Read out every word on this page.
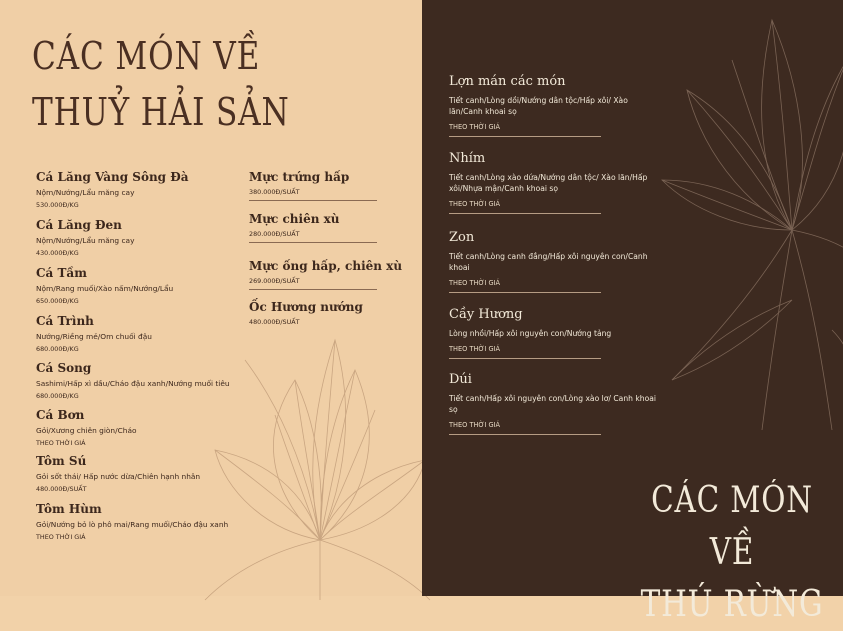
CÁC MÓN VỀ
THUỶ HẢI SẢN
Cá Lăng Vàng Sông Đà
Nộm/Nướng/Lẩu măng cay
530.000Đ/KG
Cá Lăng Đen
Nộm/Nướng/Lẩu măng cay
430.000Đ/KG
Cá Tầm
Nộm/Rang muối/Xào nấm/Nướng/Lẩu
650.000Đ/KG
Cá Trình
Nướng/Riềng mẻ/Om chuối đậu
680.000Đ/KG
Cá Song
Sashimi/Hấp xì dầu/Cháo đậu xanh/Nướng muối tiêu
680.000Đ/KG
Cá Bơn
Gỏi/Xương chiên giòn/Cháo
THEO THỜI GIÁ
Tôm Sú
Gỏi sốt thái/ Hấp nước dừa/Chiên hạnh nhân
480.000Đ/SUẤT
Tôm Hùm
Gỏi/Nướng bỏ lò phô mai/Rang muối/Cháo đậu xanh
THEO THỜI GIÁ
Mực trứng hấp
380.000Đ/SUẤT
Mực chiên xù
280.000Đ/SUẤT
Mực ống hấp, chiên xù
269.000Đ/SUẤT
Ốc Hương nướng
480.000Đ/SUẤT
CÁC MÓN VỀ
THÚ RỪNG
Lợn mán các món
Tiết canh/Lòng dồi/Nướng dân tộc/Hấp xôi/ Xào lăn/Canh khoai sọ
THEO THỜI GIÁ
Nhím
Tiết canh/Lòng xào dứa/Nướng dân tộc/ Xào lăn/Hấp xôi/Nhựa mận/Canh khoai sọ
THEO THỜI GIÁ
Zon
Tiết canh/Lòng canh đắng/Hấp xôi nguyên con/Canh khoai
THEO THỜI GIÁ
Cầy Hương
Lòng nhồi/Hấp xôi nguyên con/Nướng tảng
THEO THỜI GIÁ
Dúi
Tiết canh/Hấp xôi nguyên con/Lòng xào lơ/ Canh khoai sọ
THEO THỜI GIÁ
